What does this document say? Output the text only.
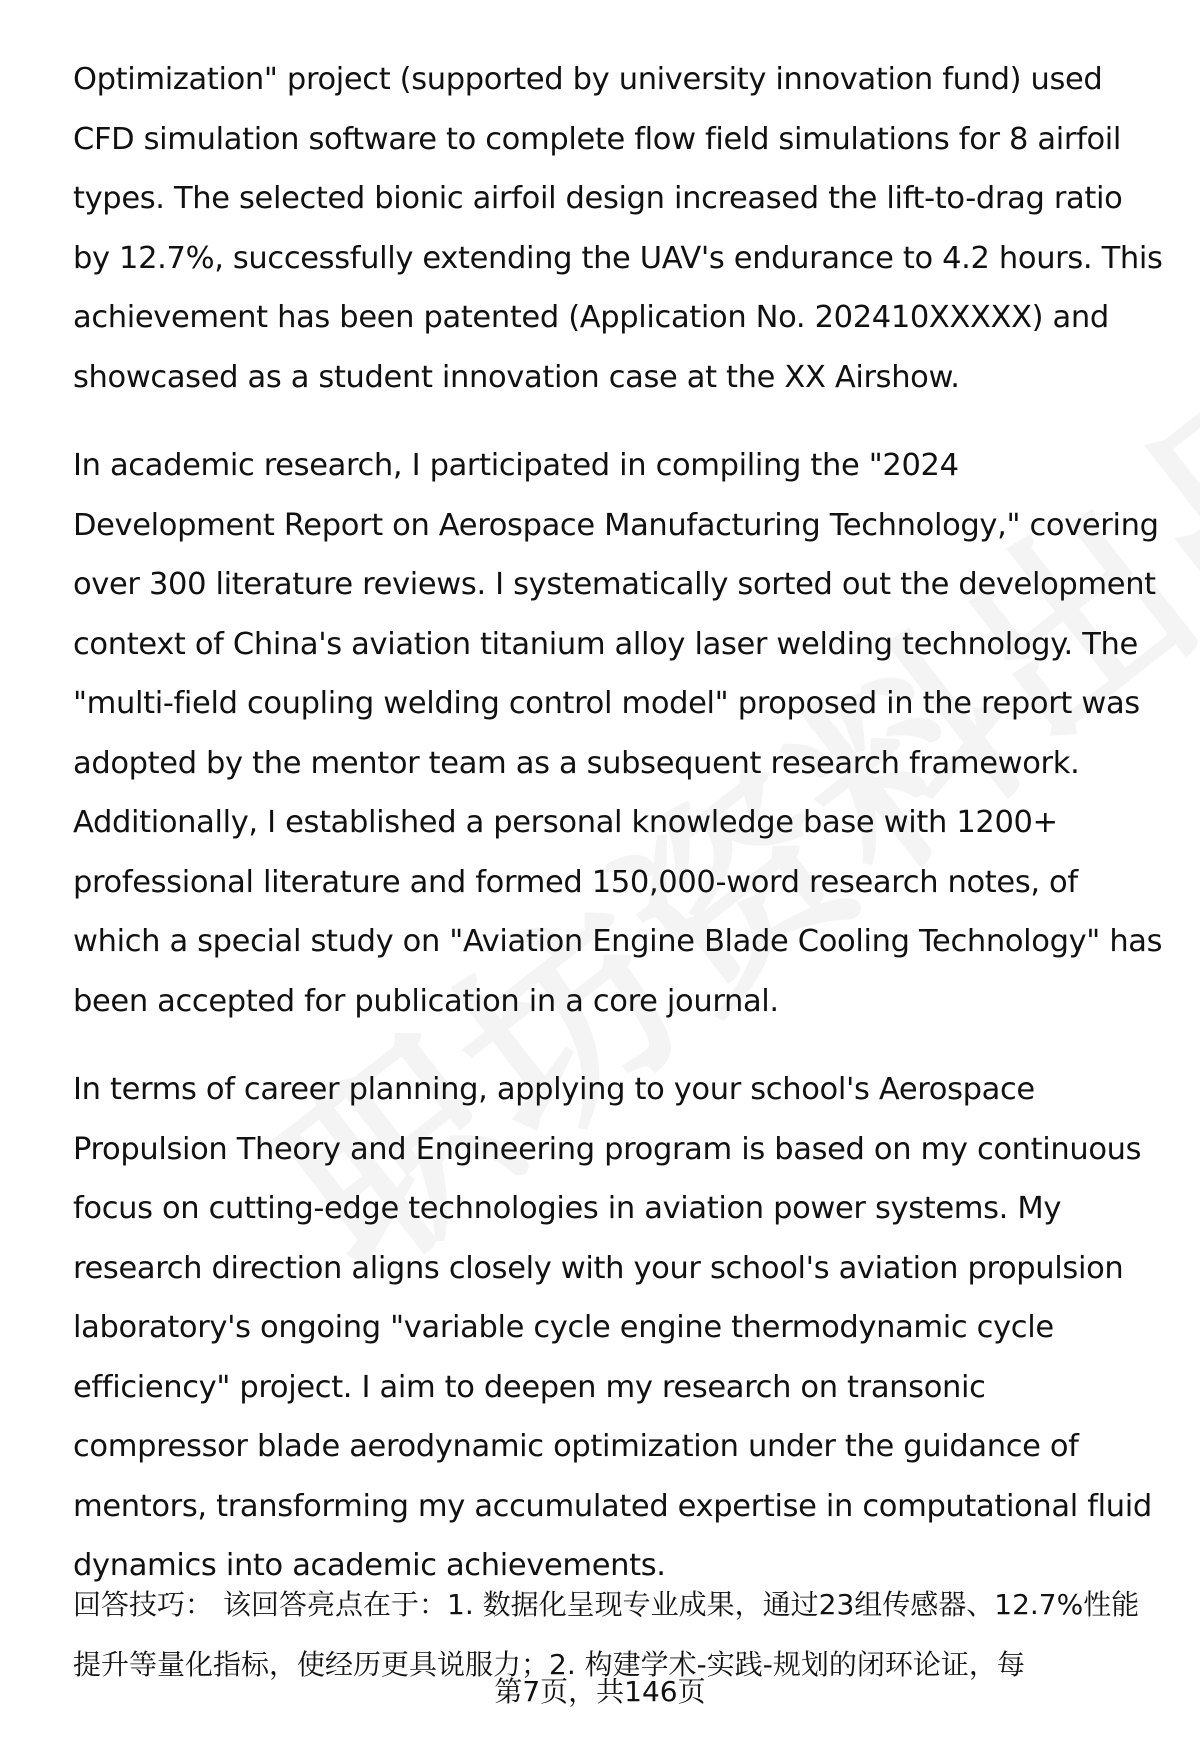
Optimization" project (supported by university innovation fund) used CFD simulation software to complete flow field simulations for 8 airfoil types. The selected bionic airfoil design increased the lift-to-drag ratio by 12.7%, successfully extending the UAV's endurance to 4.2 hours. This achievement has been patented (Application No. 202410XXXXX) and showcased as a student innovation case at the XX Airshow.

In academic research, I participated in compiling the "2024 Development Report on Aerospace Manufacturing Technology," covering over 300 literature reviews. I systematically sorted out the development context of China's aviation titanium alloy laser welding technology. The "multi-field coupling welding control model" proposed in the report was adopted by the mentor team as a subsequent research framework. Additionally, I established a personal knowledge base with 1200+ professional literature and formed 150,000-word research notes, of which a special study on "Aviation Engine Blade Cooling Technology" has been accepted for publication in a core journal.

In terms of career planning, applying to your school's Aerospace Propulsion Theory and Engineering program is based on my continuous focus on cutting-edge technologies in aviation power systems. My research direction aligns closely with your school's aviation propulsion laboratory's ongoing "variable cycle engine thermodynamic cycle efficiency" project. I aim to deepen my research on transonic compressor blade aerodynamic optimization under the guidance of mentors, transforming my accumulated expertise in computational fluid dynamics into academic achievements.

回答技巧： 该回答亮点在于：1. 数据化呈现专业成果，通过23组传感器、12.7%性能提升等量化指标，使经历更具说服力；2. 构建学术-实践-规划的闭环论证，每
第7页，共146页
